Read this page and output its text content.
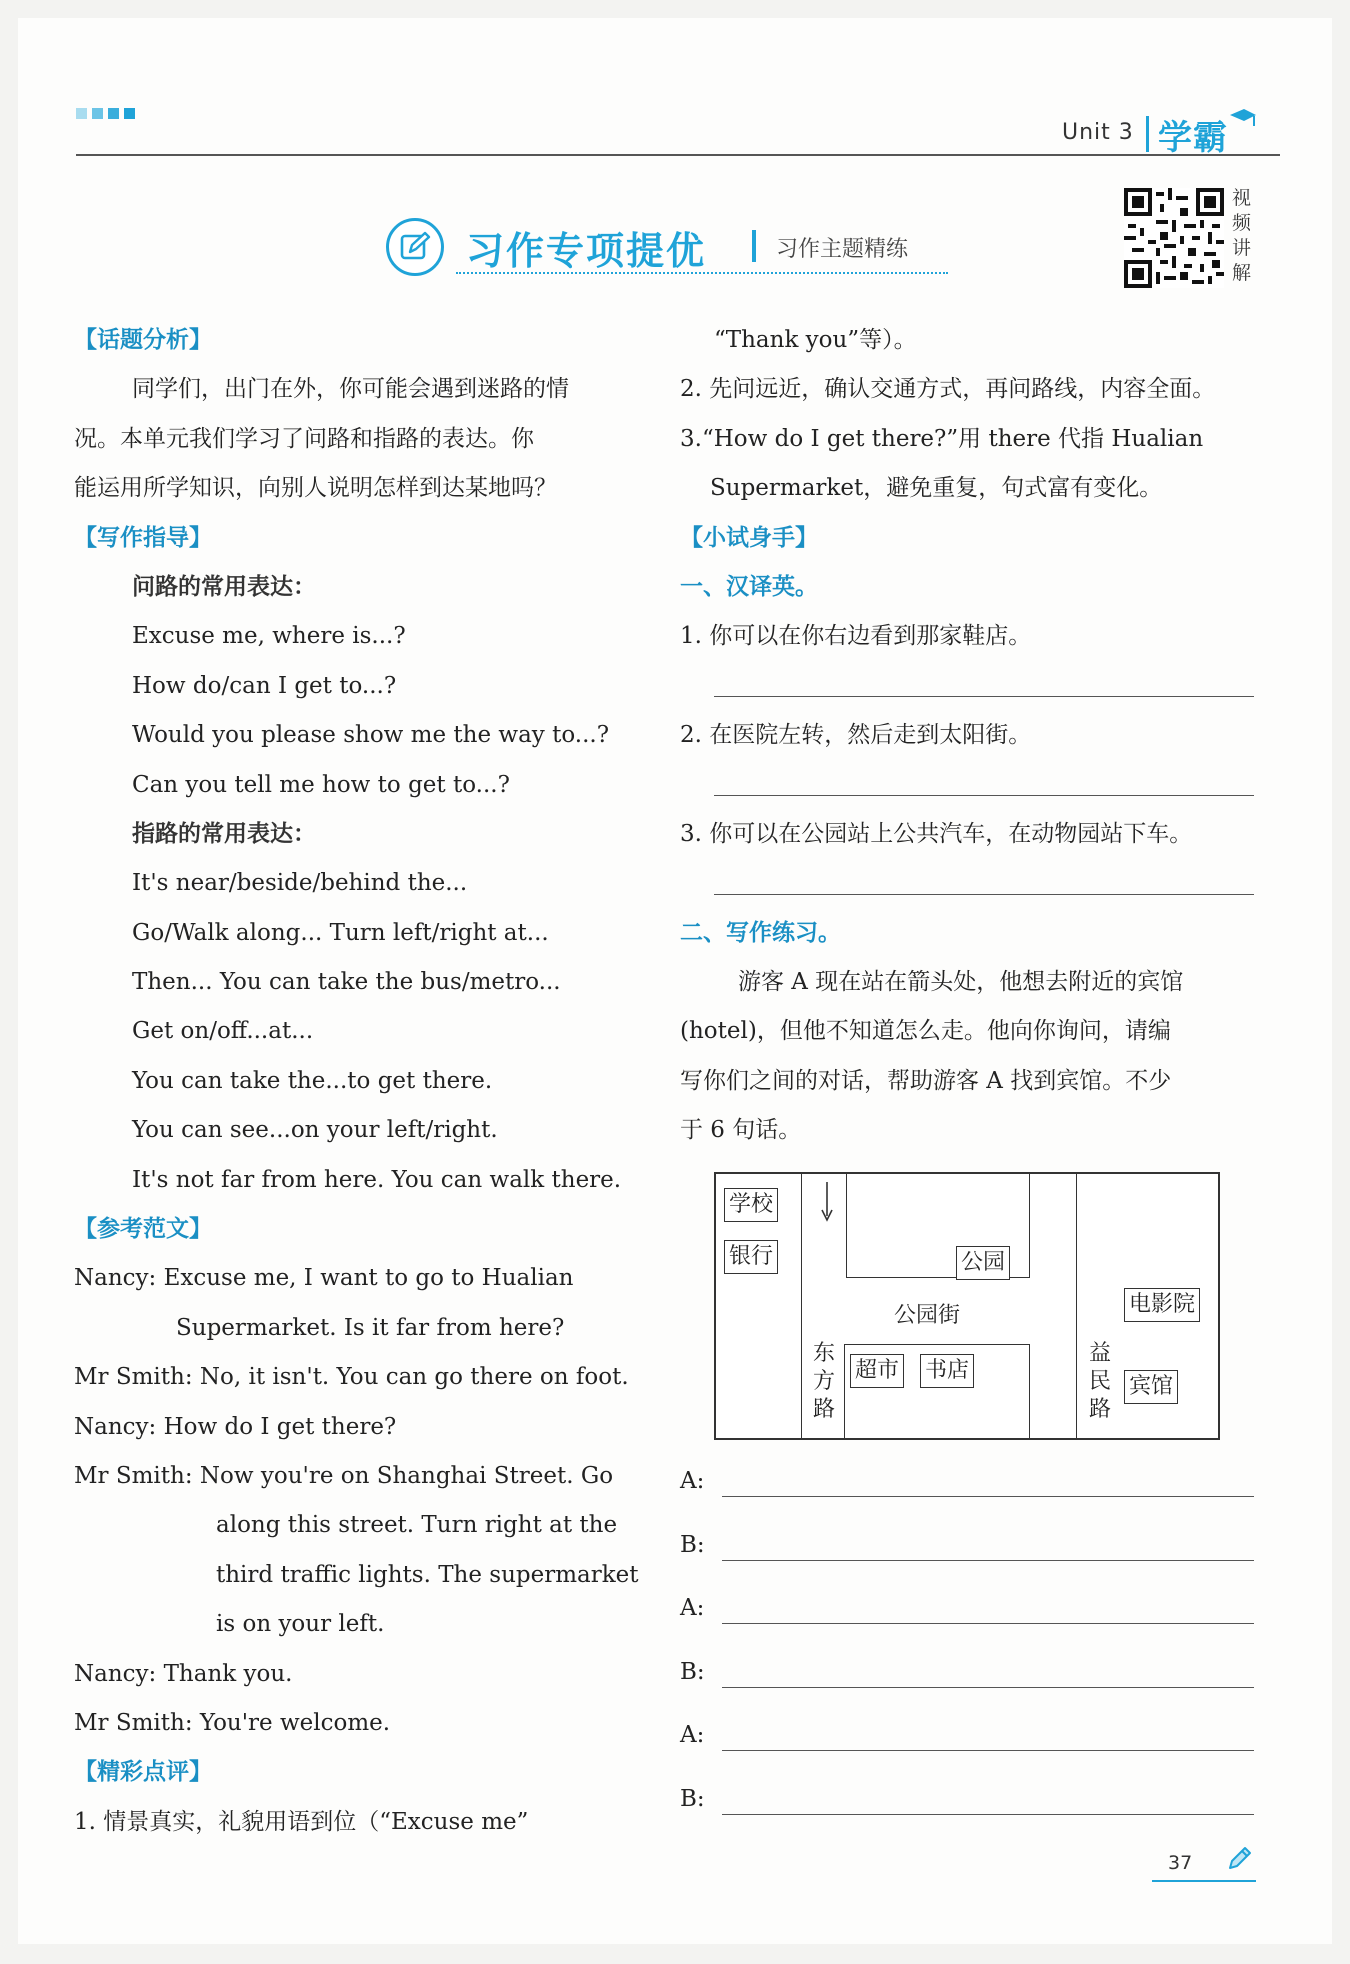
Unit 3 学霸
习作专项提优	习作主题精练
视
频
讲
解
【话题分析】
同学们，出门在外，你可能会遇到迷路的情
况。本单元我们学习了问路和指路的表达。你
能运用所学知识，向别人说明怎样到达某地吗？
【写作指导】
问路的常用表达：
Excuse me, where is...?
How do/can I get to...?
Would you please show me the way to...?
Can you tell me how to get to...?
指路的常用表达：
It's near/beside/behind the...
Go/Walk along... Turn left/right at...
Then... You can take the bus/metro...
Get on/off...at...
You can take the...to get there.
You can see...on your left/right.
It's not far from here. You can walk there.
【参考范文】
Nancy: Excuse me, I want to go to Hualian
Supermarket. Is it far from here?
Mr Smith: No, it isn't. You can go there on foot.
Nancy: How do I get there?
Mr Smith: Now you're on Shanghai Street. Go
along this street. Turn right at the
third traffic lights. The supermarket
is on your left.
Nancy: Thank you.
Mr Smith: You're welcome.
【精彩点评】
1. 情景真实，礼貌用语到位（“Excuse me”
“Thank you”等）。
2. 先问远近，确认交通方式，再问路线，内容全面。
3.“How do I get there?”用 there 代指 Hualian
Supermarket，避免重复，句式富有变化。
【小试身手】
一、汉译英。
1. 你可以在你右边看到那家鞋店。
2. 在医院左转，然后走到太阳街。
3. 你可以在公园站上公共汽车，在动物园站下车。
二、写作练习。
游客 A 现在站在箭头处，他想去附近的宾馆
(hotel)，但他不知道怎么走。他向你询问，请编
写你们之间的对话，帮助游客 A 找到宾馆。不少
于 6 句话。
学校
银行	公园
公园街	电影院
超市 书店
宾馆
东方路
益民路
A:
B:
A:
B:
A:
B:
37
